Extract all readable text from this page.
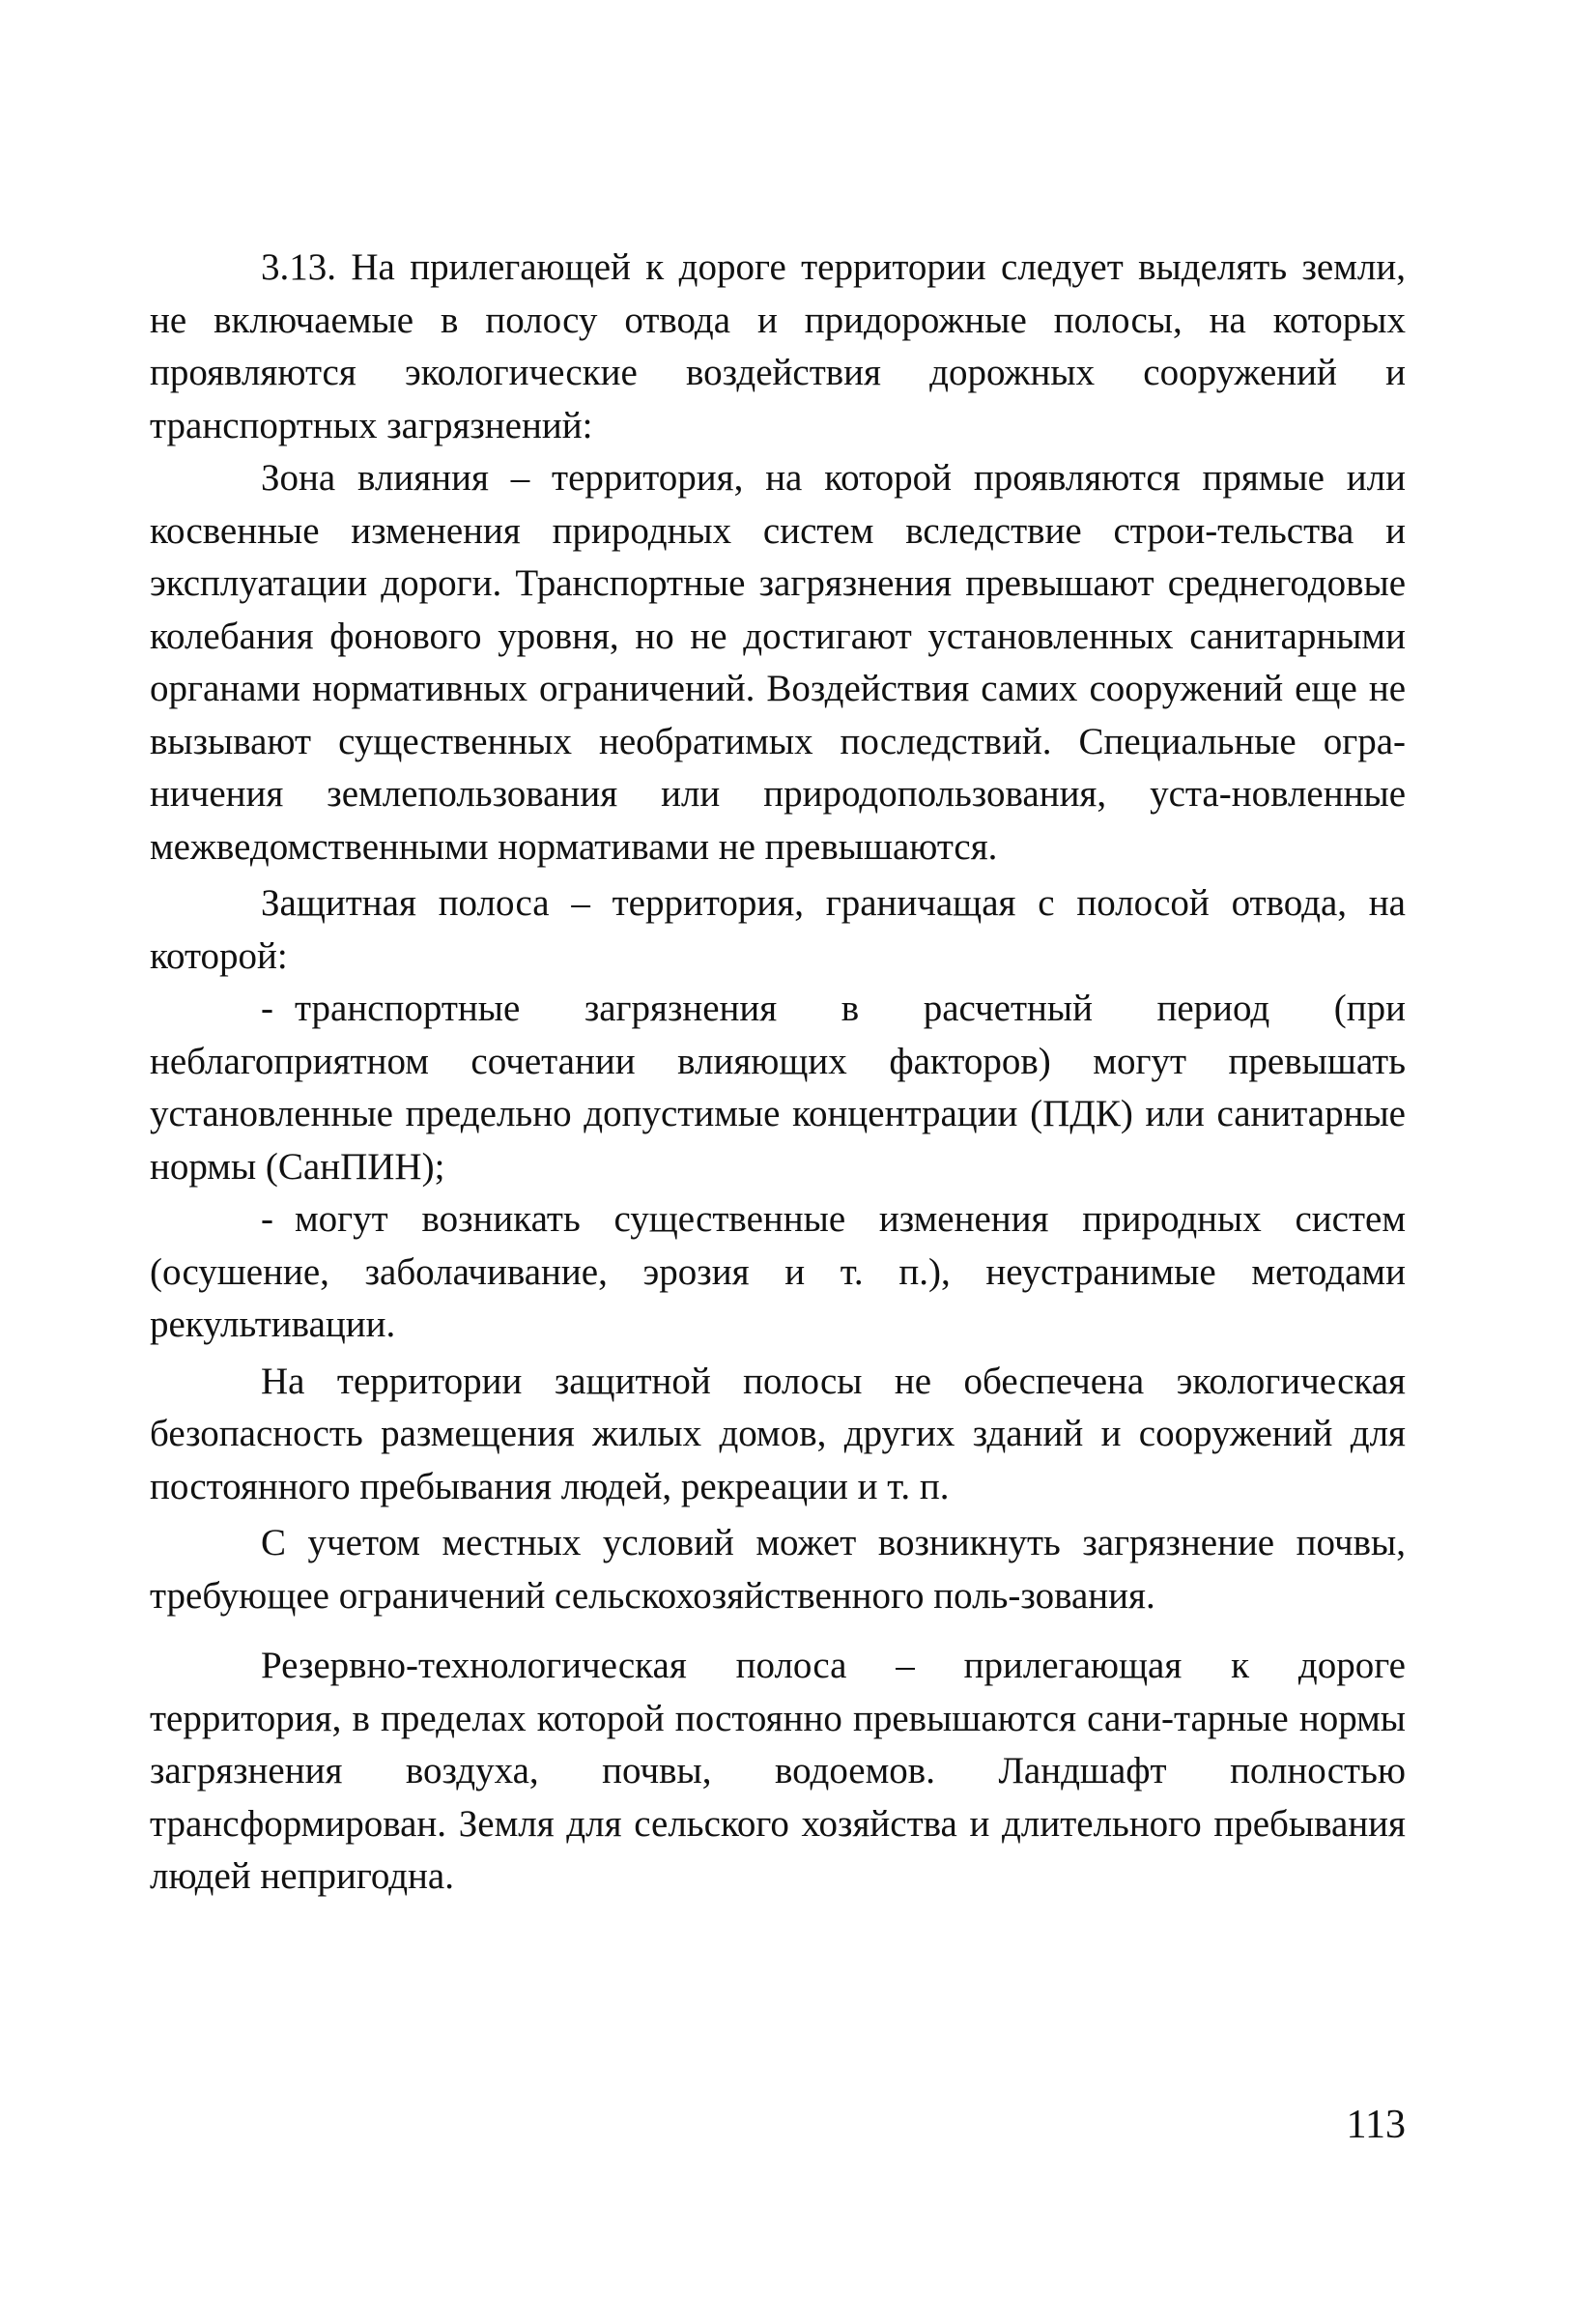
3.13. На прилегающей к дороге территории следует выделять земли, не включаемые в полосу отвода и придорожные полосы, на которых проявляются экологические воздействия дорожных сооружений и транспортных загрязнений:

Зона влияния – территория, на которой проявляются прямые или косвенные изменения природных систем вследствие строи-тельства и эксплуатации дороги. Транспортные загрязнения превышают среднегодовые колебания фонового уровня, но не достигают установленных санитарными органами нормативных ограничений. Воздействия самих сооружений еще не вызывают существенных необратимых последствий. Специальные огра-ничения землепользования или природопользования, уста-новленные межведомственными нормативами не превышаются.

Защитная полоса – территория, граничащая с полосой отвода, на которой:

- транспортные загрязнения в расчетный период (при неблагоприятном сочетании влияющих факторов) могут превышать установленные предельно допустимые концентрации (ПДК) или санитарные нормы (СанПИН);
- могут возникать существенные изменения природных систем (осушение, заболачивание, эрозия и т. п.), неустранимые методами рекультивации.

На территории защитной полосы не обеспечена экологическая безопасность размещения жилых домов, других зданий и сооружений для постоянного пребывания людей, рекреации и т. п.

С учетом местных условий может возникнуть загрязнение почвы, требующее ограничений сельскохозяйственного поль-зования.

Резервно-технологическая полоса – прилегающая к дороге территория, в пределах которой постоянно превышаются сани-тарные нормы загрязнения воздуха, почвы, водоемов. Ландшафт полностью трансформирован. Земля для сельского хозяйства и длительного пребывания людей непригодна.

113
